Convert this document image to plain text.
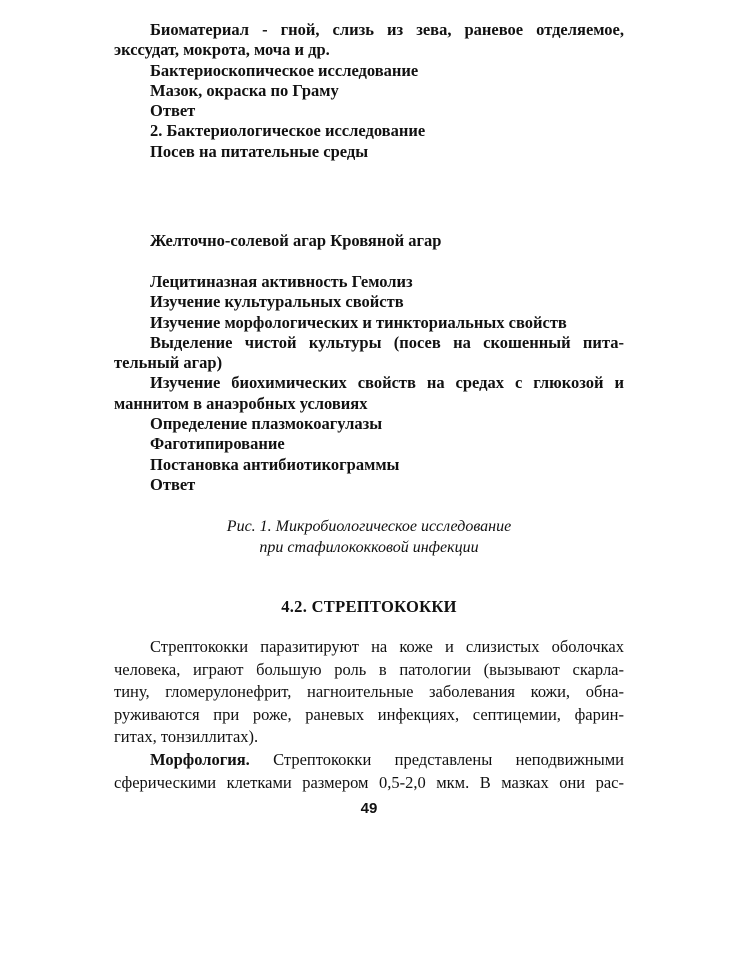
Биоматериал - гной, слизь из зева, раневое отделяемое,

экссудат, мокрота, моча и др.

Бактериоскопическое исследование

Мазок, окраска по Граму

Ответ

2. Бактериологическое исследование

Посев на питательные среды

Желточно-солевой агар Кровяной агар

Лецитиназная активность Гемолиз

Изучение культуральных свойств

Изучение морфологических и тинкториальных свойств

Выделение чистой культуры (посев на скошенный пита-

тельный агар)

Изучение биохимических свойств на средах с глюкозой и

маннитом в анаэробных условиях

Определение плазмокоагулазы

Фаготипирование

Постановка антибиотикограммы

Ответ

Рис. 1. Микробиологическое исследование
при стафилококковой инфекции
4.2. СТРЕПТОКОККИ

Стрептококки паразитируют на коже и слизистых оболочках

человека, играют большую роль в патологии (вызывают скарла-

тину, гломерулонефрит, нагноительные заболевания кожи, обна-

руживаются при роже, раневых инфекциях, септицемии, фарин-

гитах, тонзиллитах).

Морфология. Стрептококки представлены неподвижными

сферическими клетками размером 0,5-2,0 мкм. В мазках они рас-

49
